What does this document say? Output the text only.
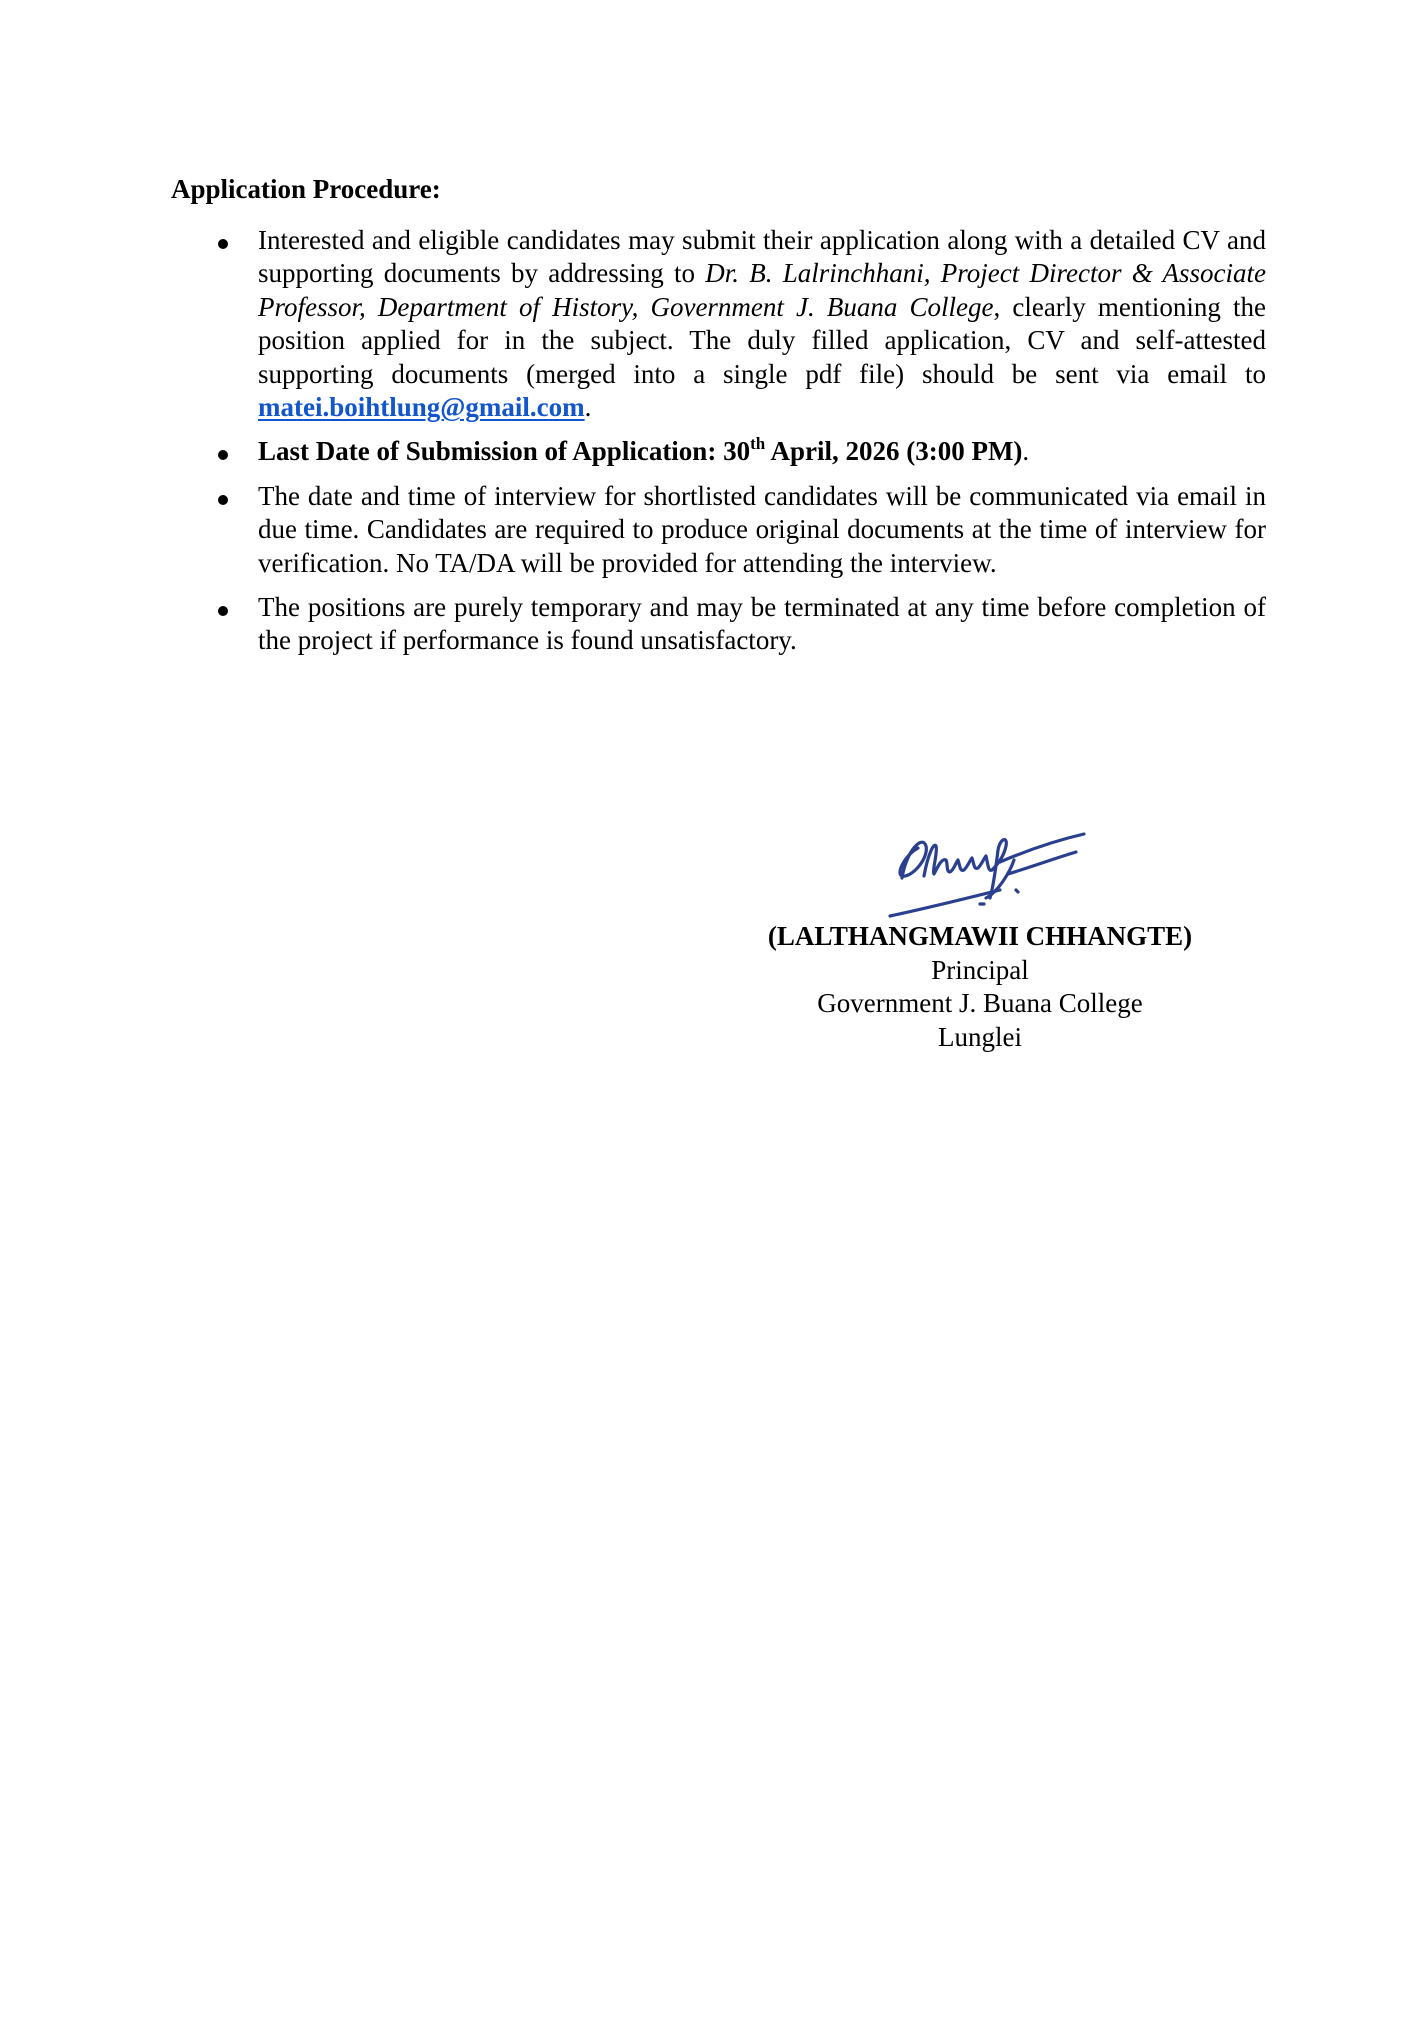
Application Procedure:
Interested and eligible candidates may submit their application along with a detailed CV and supporting documents by addressing to Dr. B. Lalrinchhani, Project Director & Associate Professor, Department of History, Government J. Buana College, clearly mentioning the position applied for in the subject. The duly filled application, CV and self-attested supporting documents (merged into a single pdf file) should be sent via email to matei.boihtlung@gmail.com.
Last Date of Submission of Application: 30th April, 2026 (3:00 PM).
The date and time of interview for shortlisted candidates will be communicated via email in due time. Candidates are required to produce original documents at the time of interview for verification. No TA/DA will be provided for attending the interview.
The positions are purely temporary and may be terminated at any time before completion of the project if performance is found unsatisfactory.
(LALTHANGMAWII CHHANGTE)
Principal
Government J. Buana College
Lunglei
